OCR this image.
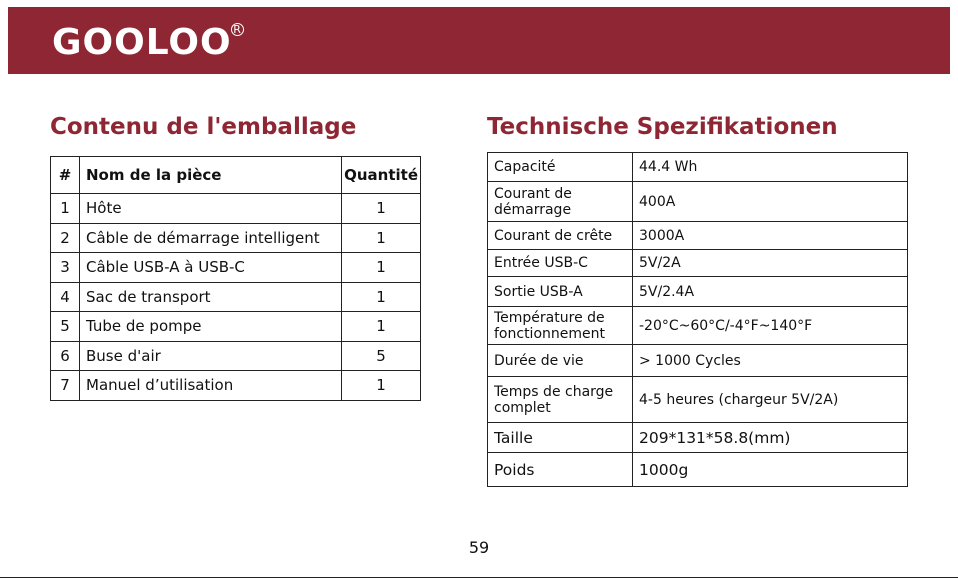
GOOLOO R
Contenu de l'emballage	Technische Spezifikationen
#	Nom de la pièce	Quantité
1	Hôte	1
2	Câble de démarrage intelligent	1
3	Câble USB-A à USB-C	1
4	Sac de transport	1
5	Tube de pompe	1
6	Buse d'air	5
7	Manuel d’utilisation	1
Capacité	44.4 Wh
Courant de démarrage	400A
Courant de crête	3000A
Entrée USB-C	5V/2A
Sortie USB-A	5V/2.4A
Température de fonctionnement	-20°C~60°C/-4°F~140°F
Durée de vie	> 1000 Cycles
Temps de charge complet	4-5 heures (chargeur 5V/2A)
Taille	209*131*58.8(mm)
Poids	1000g
59
